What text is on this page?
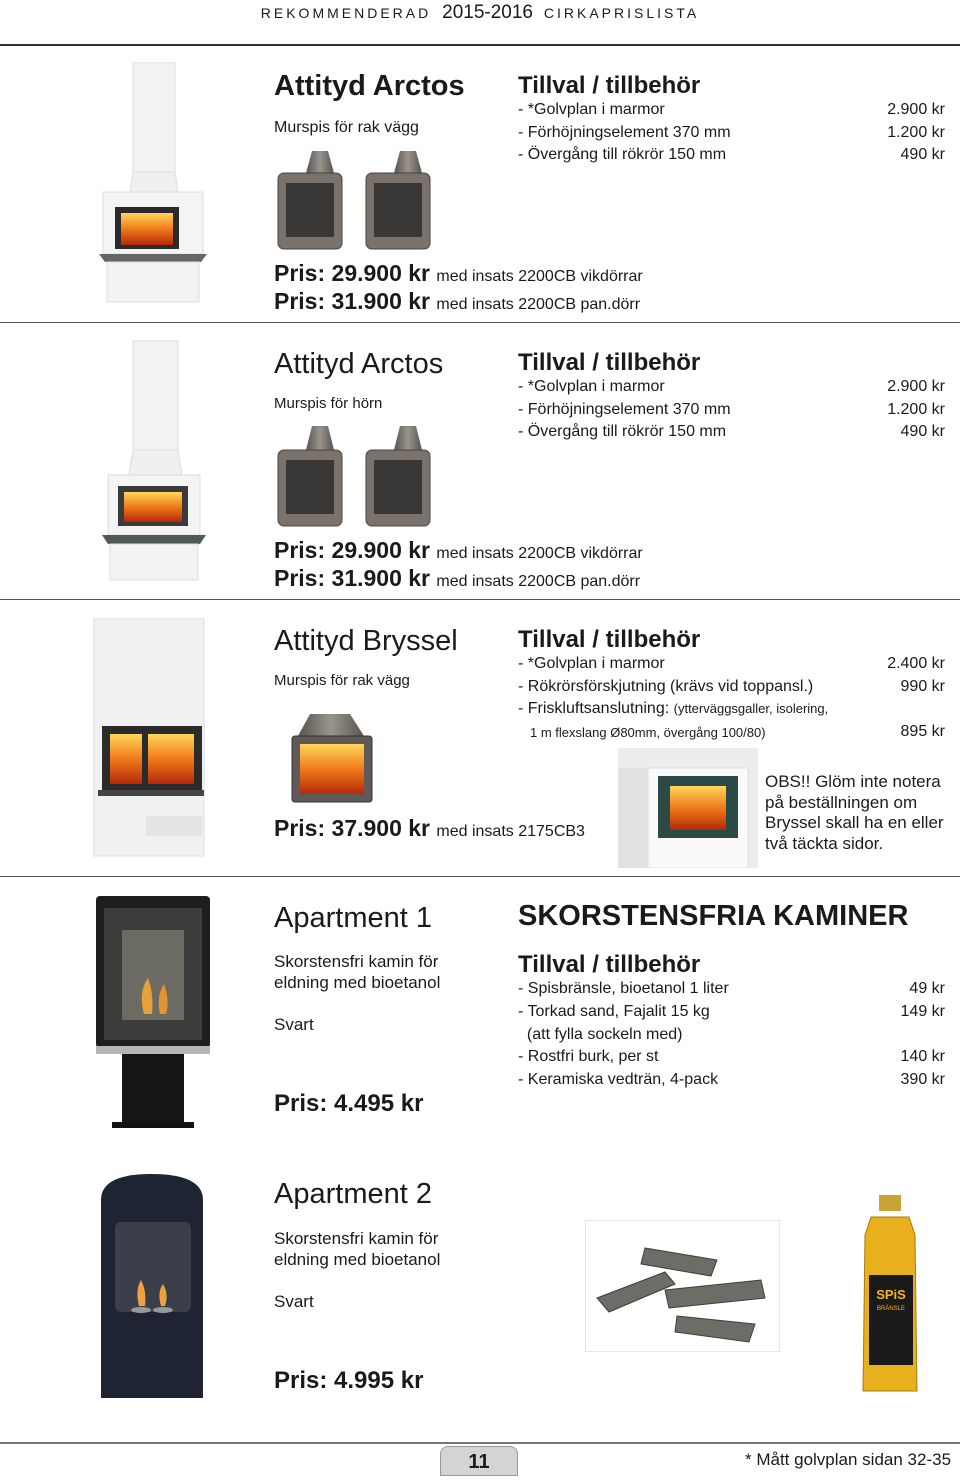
REKOMMENDERAD 2015-2016 CIRKAPRISLISTA
Attityd Arctos
Murspis för rak vägg
Tillval / tillbehör
- *Golvplan i marmor
- Förhöjningselement 370 mm
- Övergång till rökrör 150 mm
2.900 kr
1.200 kr
490 kr
Pris: 29.900 kr med insats 2200CB vikdörrar
Pris: 31.900 kr med insats 2200CB pan.dörr
Attityd Arctos
Murspis för hörn
Tillval / tillbehör
- *Golvplan i marmor
- Förhöjningselement 370 mm
- Övergång till rökrör 150 mm
2.900 kr
1.200 kr
490 kr
Pris: 29.900 kr med insats 2200CB vikdörrar
Pris: 31.900 kr med insats 2200CB pan.dörr
Attityd Bryssel
Murspis för rak vägg
Tillval / tillbehör
- *Golvplan i marmor
- Rökrörsförskjutning (krävs vid toppansl.)
- Friskluftsanslutning: (ytterväggsgaller, isolering,
1 m flexslang Ø80mm, övergång 100/80)
2.400 kr
990 kr
895 kr
Pris: 37.900 kr med insats 2175CB3
OBS!! Glöm inte notera på beställningen om Bryssel skall ha en eller två täckta sidor.
Apartment 1
Skorstensfri kamin för eldning med bioetanol
Svart
Pris: 4.495 kr
SKORSTENSFRIA KAMINER
Tillval / tillbehör
- Spisbränsle, bioetanol 1 liter
- Torkad sand, Fajalit 15 kg
(att fylla sockeln med)
- Rostfri burk, per st
- Keramiska vedträn, 4-pack
49 kr
149 kr
140 kr
390 kr
Apartment 2
Skorstensfri kamin för eldning med bioetanol
Svart
Pris: 4.995 kr
SPiS
BRÄNSLE
11	* Mått golvplan sidan 32-35
